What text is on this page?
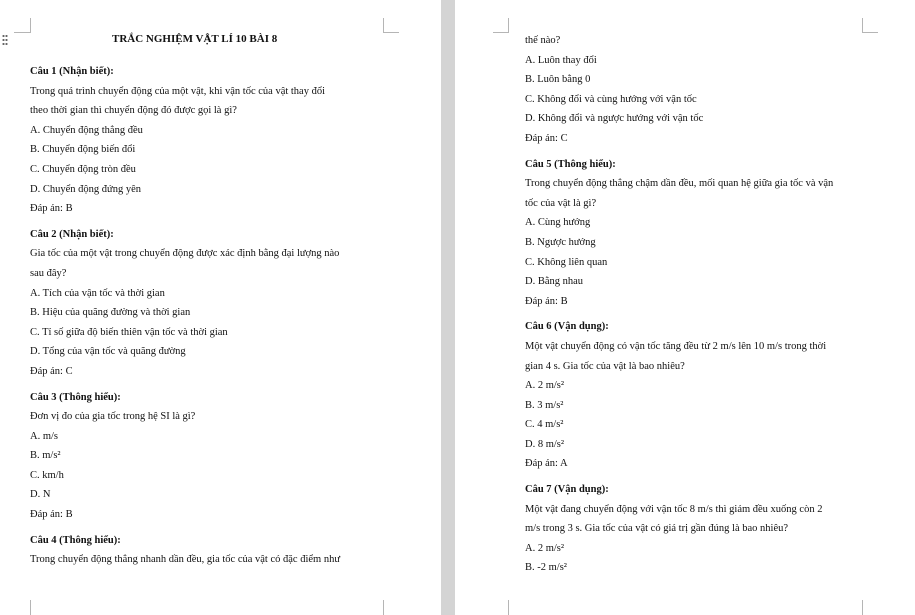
TRẮC NGHIỆM VẬT LÍ 10 BÀI 8
Câu 1 (Nhận biết):
Trong quá trình chuyển động của một vật, khi vận tốc của vật thay đổi
theo thời gian thì chuyển động đó được gọi là gì?
A. Chuyển động thẳng đều
B. Chuyển động biến đổi
C. Chuyển động tròn đều
D. Chuyển động đứng yên
Đáp án: B
Câu 2 (Nhận biết):
Gia tốc của một vật trong chuyển động được xác định bằng đại lượng nào
sau đây?
A. Tích của vận tốc và thời gian
B. Hiệu của quãng đường và thời gian
C. Tỉ số giữa độ biến thiên vận tốc và thời gian
D. Tổng của vận tốc và quãng đường
Đáp án: C
Câu 3 (Thông hiểu):
Đơn vị đo của gia tốc trong hệ SI là gì?
A. m/s
B. m/s²
C. km/h
D. N
Đáp án: B
Câu 4 (Thông hiểu):
Trong chuyển động thẳng nhanh dần đều, gia tốc của vật có đặc điểm như
thế nào?
A. Luôn thay đổi
B. Luôn bằng 0
C. Không đổi và cùng hướng với vận tốc
D. Không đổi và ngược hướng với vận tốc
Đáp án: C
Câu 5 (Thông hiểu):
Trong chuyển động thẳng chậm dần đều, mối quan hệ giữa gia tốc và vận
tốc của vật là gì?
A. Cùng hướng
B. Ngược hướng
C. Không liên quan
D. Bằng nhau
Đáp án: B
Câu 6 (Vận dụng):
Một vật chuyển động có vận tốc tăng đều từ 2 m/s lên 10 m/s trong thời
gian 4 s. Gia tốc của vật là bao nhiêu?
A. 2 m/s²
B. 3 m/s²
C. 4 m/s²
D. 8 m/s²
Đáp án: A
Câu 7 (Vận dụng):
Một vật đang chuyển động với vận tốc 8 m/s thì giảm đều xuống còn 2
m/s trong 3 s. Gia tốc của vật có giá trị gần đúng là bao nhiêu?
A. 2 m/s²
B. -2 m/s²
